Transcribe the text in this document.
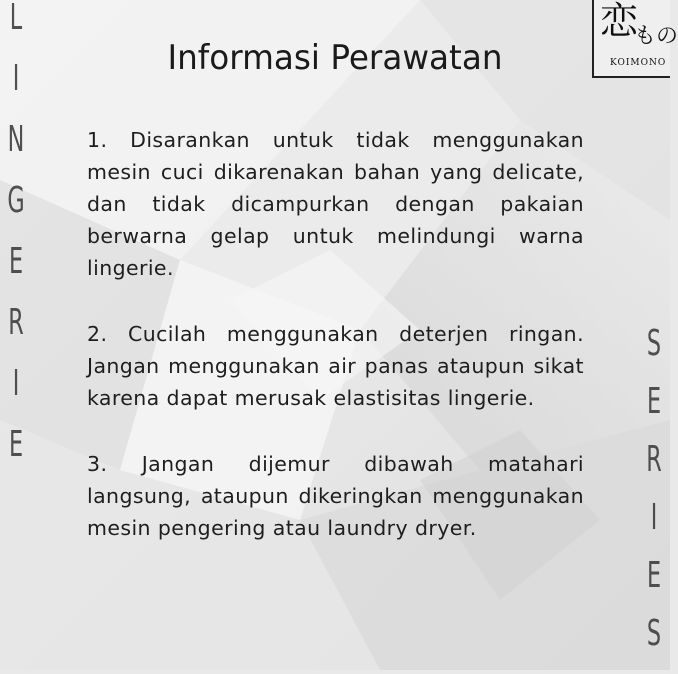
L
I
N
G
E
R
I
E
S
E
R
I
E
S
恋
もの
KOIMONO
Informasi Perawatan

1. Disarankan untuk tidak menggunakan mesin cuci dikarenakan bahan yang delicate, dan tidak dicampurkan dengan pakaian berwarna gelap untuk melindungi warna lingerie.

2. Cucilah menggunakan deterjen ringan. Jangan menggunakan air panas ataupun sikat karena dapat merusak elastisitas lingerie.

3. Jangan dijemur dibawah matahari langsung, ataupun dikeringkan menggunakan mesin pengering atau laundry dryer.
